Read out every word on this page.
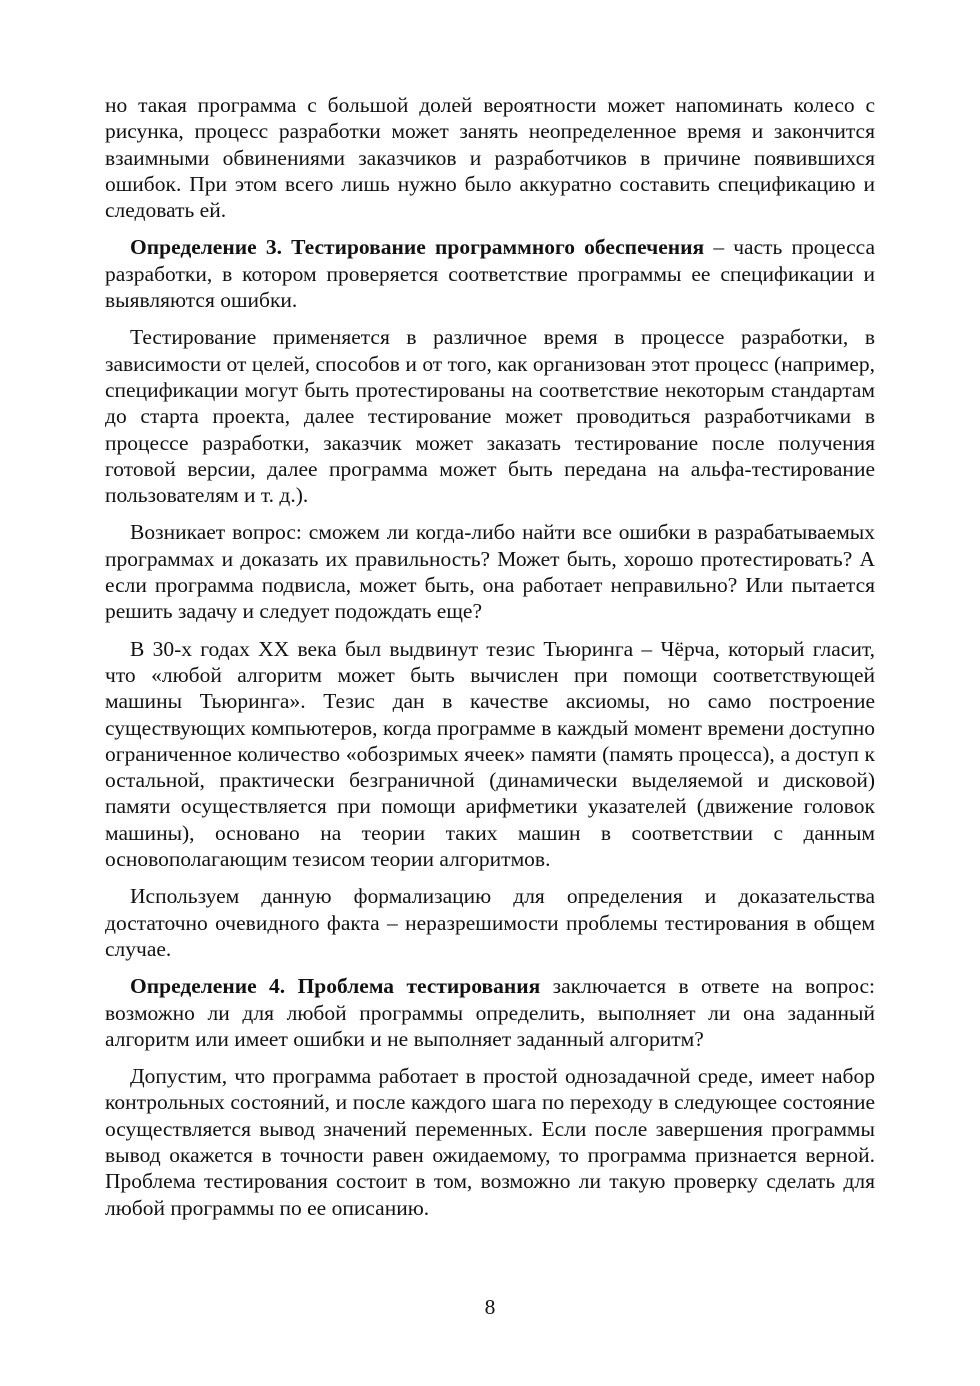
но такая программа с большой долей вероятности может напоминать колесо с рисунка, процесс разработки может занять неопределенное время и закончится взаимными обвинениями заказчиков и разработчиков в причине появившихся ошибок. При этом всего лишь нужно было аккуратно составить спецификацию и следовать ей.

Определение 3. Тестирование программного обеспечения – часть процесса разработки, в котором проверяется соответствие программы ее спецификации и выявляются ошибки.

Тестирование применяется в различное время в процессе разработки, в зависимости от целей, способов и от того, как организован этот процесс (например, спецификации могут быть протестированы на соответствие некоторым стандартам до старта проекта, далее тестирование может проводиться разработчиками в процессе разработки, заказчик может заказать тестирование после получения готовой версии, далее программа может быть передана на альфа-тестирование пользователям и т. д.).

Возникает вопрос: сможем ли когда-либо найти все ошибки в разрабатываемых программах и доказать их правильность? Может быть, хорошо протестировать? А если программа подвисла, может быть, она работает неправильно? Или пытается решить задачу и следует подождать еще?

В 30-х годах XX века был выдвинут тезис Тьюринга – Чёрча, который гласит, что «любой алгоритм может быть вычислен при помощи соответствующей машины Тьюринга». Тезис дан в качестве аксиомы, но само построение существующих компьютеров, когда программе в каждый момент времени доступно ограниченное количество «обозримых ячеек» памяти (память процесса), а доступ к остальной, практически безграничной (динамически выделяемой и дисковой) памяти осуществляется при помощи арифметики указателей (движение головок машины), основано на теории таких машин в соответствии с данным основополагающим тезисом теории алгоритмов.

Используем данную формализацию для определения и доказательства достаточно очевидного факта – неразрешимости проблемы тестирования в общем случае.

Определение 4. Проблема тестирования заключается в ответе на вопрос: возможно ли для любой программы определить, выполняет ли она заданный алгоритм или имеет ошибки и не выполняет заданный алгоритм?

Допустим, что программа работает в простой однозадачной среде, имеет набор контрольных состояний, и после каждого шага по переходу в следующее состояние осуществляется вывод значений переменных. Если после завершения программы вывод окажется в точности равен ожидаемому, то программа признается верной. Проблема тестирования состоит в том, возможно ли такую проверку сделать для любой программы по ее описанию.

8
